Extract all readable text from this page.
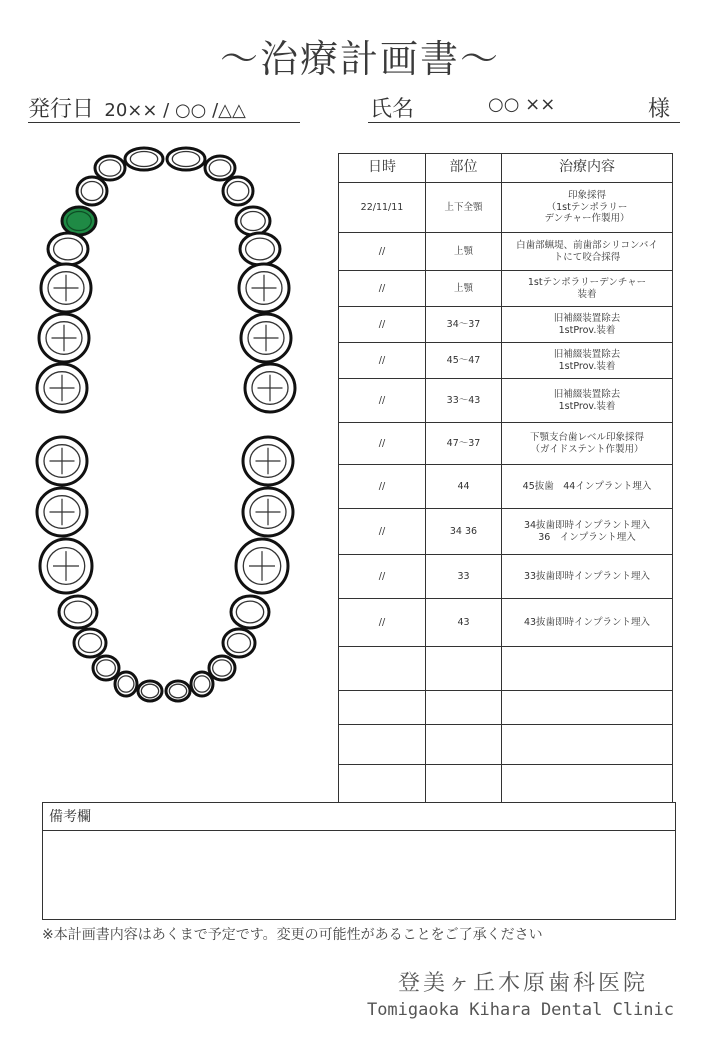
〜治療計画書〜
発行日 20×× / ○○ /△△	氏名	○○ ××	様
日時	部位	治療内容
22/11/11	上下全顎	印象採得
（1stテンポラリー
デンチャー作製用）
//	上顎	白歯部蝋堤、前歯部シリコンバイ
トにて咬合採得
//	上顎	1stテンポラリーデンチャー
装着
//	34〜37	旧補綴装置除去
1stProv.装着
//	45〜47	旧補綴装置除去
1stProv.装着
//	33〜43	旧補綴装置除去
1stProv.装着
//	47〜37	下顎支台歯レベル印象採得
（ガイドステント作製用）
//	44	45抜歯　44インプラント埋入
//	34 36	34抜歯即時インプラント埋入
36　インプラント埋入
//	33	33抜歯即時インプラント埋入
//	43	43抜歯即時インプラント埋入

備考欄
※本計画書内容はあくまで予定です。変更の可能性があることをご了承ください
登美ヶ丘木原歯科医院
Tomigaoka Kihara Dental Clinic
